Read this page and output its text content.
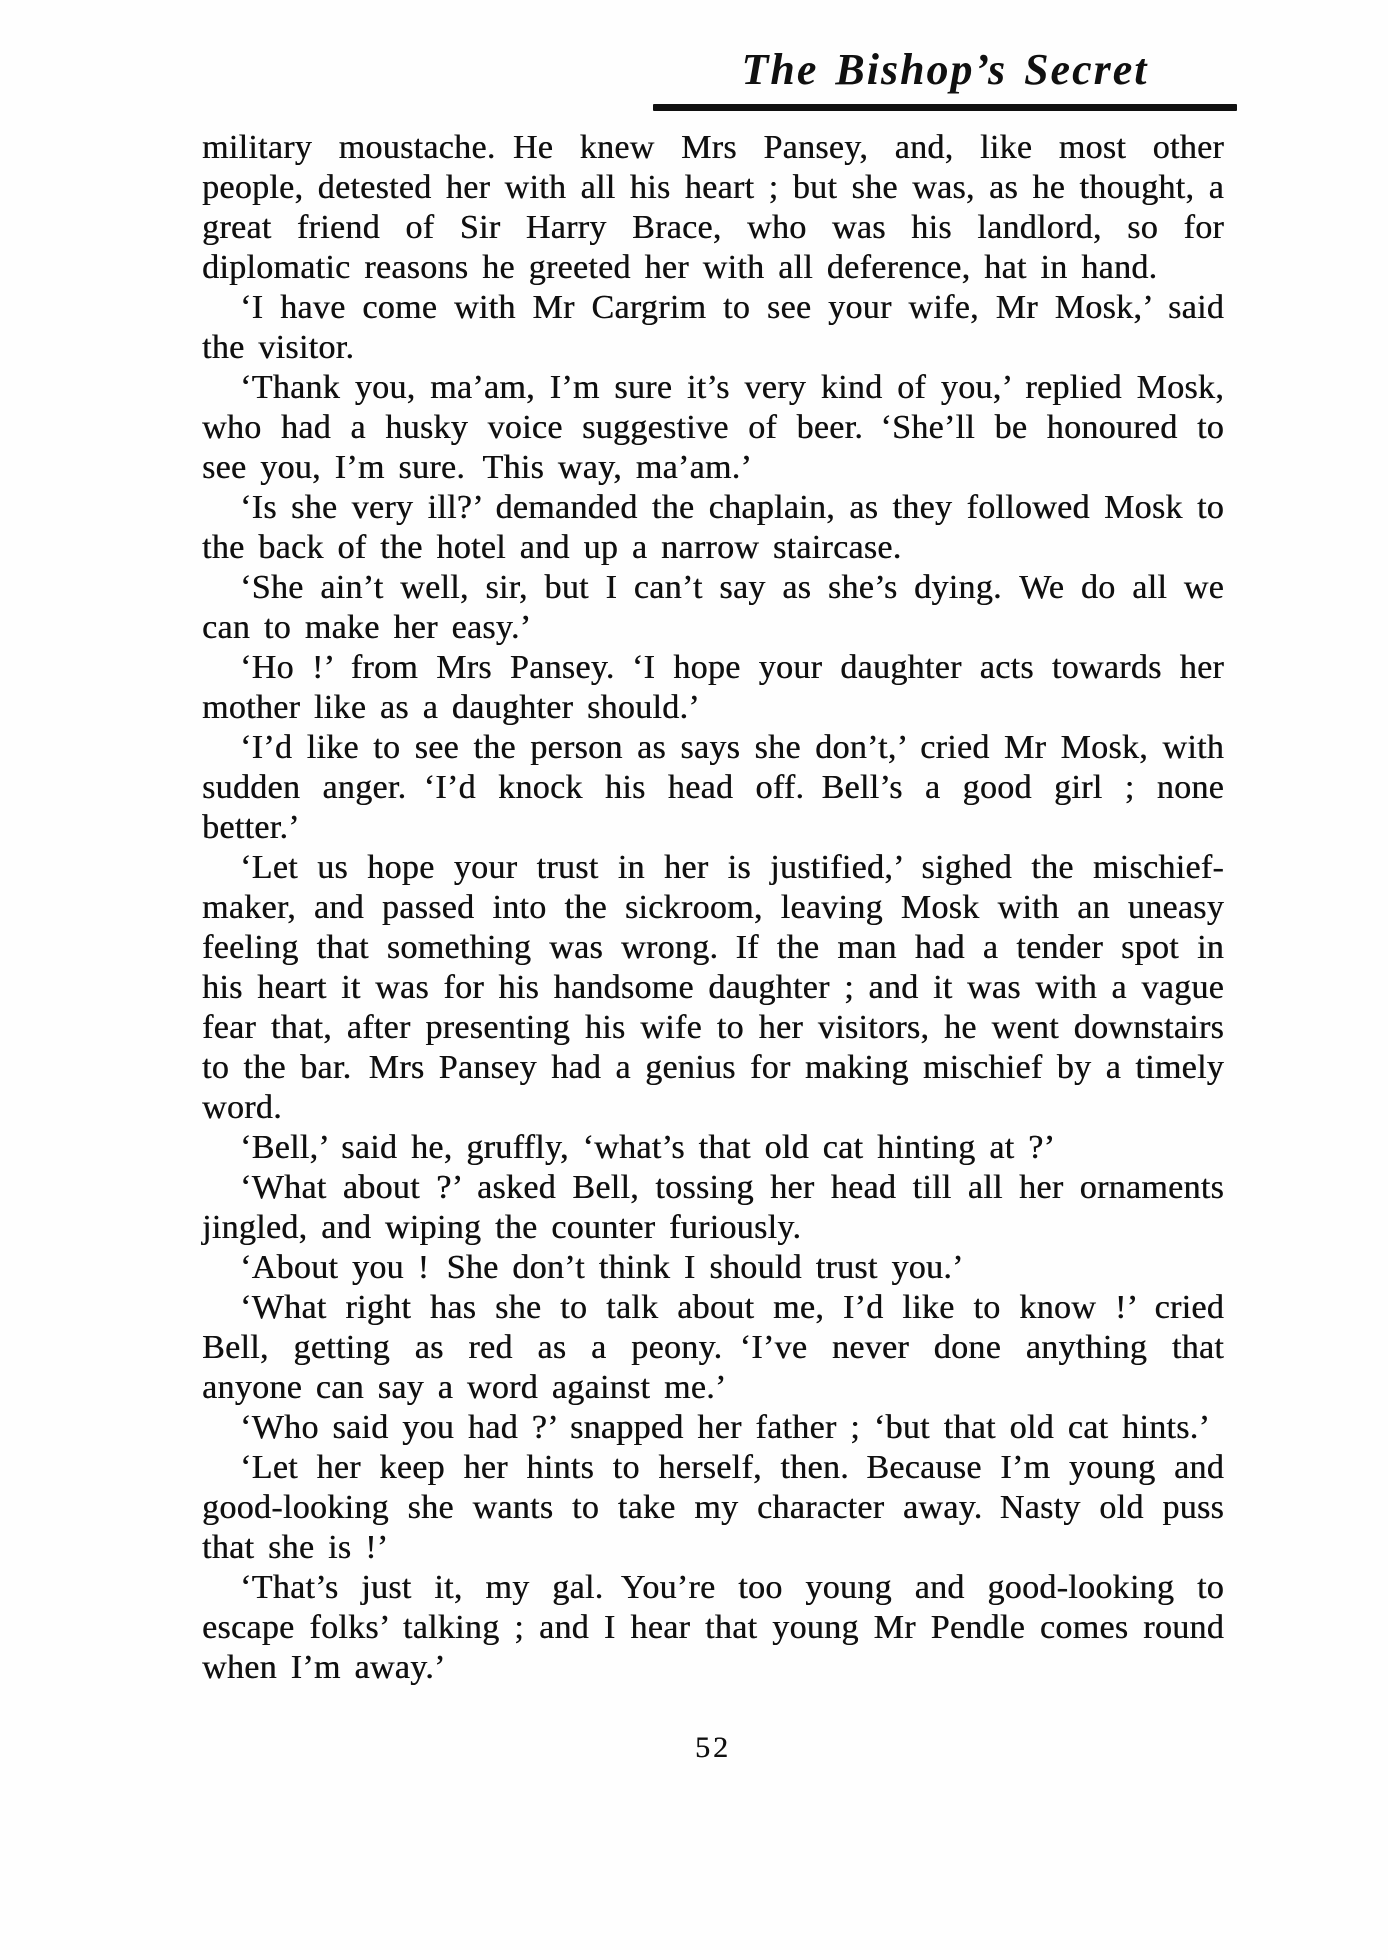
The Bishop’s Secret

military moustache. He knew Mrs Pansey, and, like most other people, detested her with all his heart ; but she was, as he thought, a great friend of Sir Harry Brace, who was his landlord, so for diplomatic reasons he greeted her with all deference, hat in hand.

‘I have come with Mr Cargrim to see your wife, Mr Mosk,’ said the visitor.

‘Thank you, ma’am, I’m sure it’s very kind of you,’ replied Mosk, who had a husky voice suggestive of beer. ‘She’ll be honoured to see you, I’m sure. This way, ma’am.’

‘Is she very ill?’ demanded the chaplain, as they followed Mosk to the back of the hotel and up a narrow staircase.

‘She ain’t well, sir, but I can’t say as she’s dying. We do all we can to make her easy.’

‘Ho !’ from Mrs Pansey. ‘I hope your daughter acts towards her mother like as a daughter should.’

‘I’d like to see the person as says she don’t,’ cried Mr Mosk, with sudden anger. ‘I’d knock his head off. Bell’s a good girl ; none better.’

‘Let us hope your trust in her is justified,’ sighed the mischief-maker, and passed into the sickroom, leaving Mosk with an uneasy feeling that something was wrong. If the man had a tender spot in his heart it was for his handsome daughter ; and it was with a vague fear that, after presenting his wife to her visitors, he went downstairs to the bar. Mrs Pansey had a genius for making mischief by a timely word.

‘Bell,’ said he, gruffly, ‘what’s that old cat hinting at ?’

‘What about ?’ asked Bell, tossing her head till all her ornaments jingled, and wiping the counter furiously.

‘About you ! She don’t think I should trust you.’

‘What right has she to talk about me, I’d like to know !’ cried Bell, getting as red as a peony. ‘I’ve never done anything that anyone can say a word against me.’

‘Who said you had ?’ snapped her father ; ‘but that old cat hints.’

‘Let her keep her hints to herself, then. Because I’m young and good-looking she wants to take my character away. Nasty old puss that she is !’

‘That’s just it, my gal. You’re too young and good-looking to escape folks’ talking ; and I hear that young Mr Pendle comes round when I’m away.’

52
